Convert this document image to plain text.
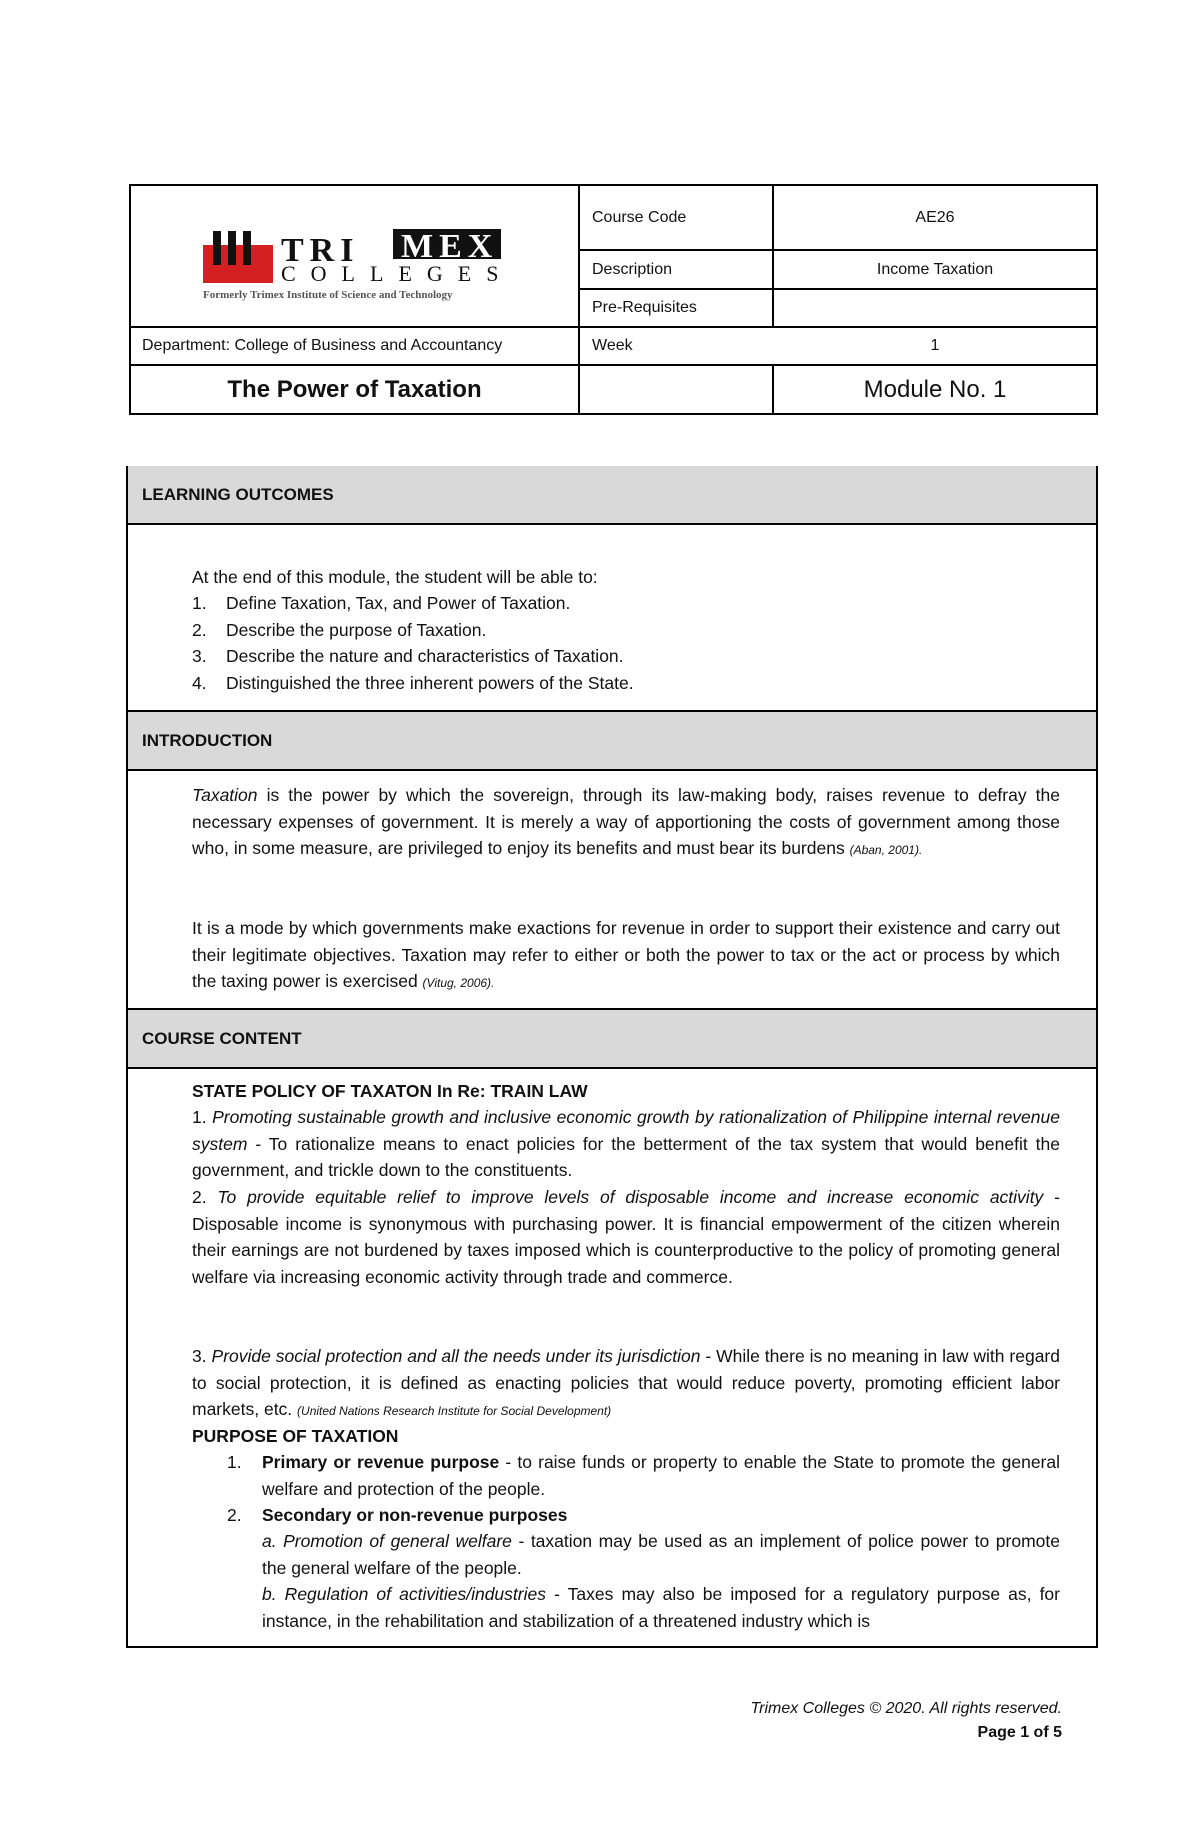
TRI MEX
COLLEGES
Formerly Trimex Institute of Science and Technology
Course Code	AE26
Description	Income Taxation
Pre-Requisites
Department: College of Business and Accountancy	Week	1
The Power of Taxation	Module No. 1
LEARNING OUTCOMES
At the end of this module, the student will be able to:
1. Define Taxation, Tax, and Power of Taxation.
2. Describe the purpose of Taxation.
3. Describe the nature and characteristics of Taxation.
4. Distinguished the three inherent powers of the State.
INTRODUCTION
Taxation is the power by which the sovereign, through its law-making body, raises revenue to defray the necessary expenses of government. It is merely a way of apportioning the costs of government among those who, in some measure, are privileged to enjoy its benefits and must bear its burdens (Aban, 2001).
It is a mode by which governments make exactions for revenue in order to support their existence and carry out their legitimate objectives. Taxation may refer to either or both the power to tax or the act or process by which the taxing power is exercised (Vitug, 2006).
COURSE CONTENT
STATE POLICY OF TAXATON In Re: TRAIN LAW
1. Promoting sustainable growth and inclusive economic growth by rationalization of Philippine internal revenue system - To rationalize means to enact policies for the betterment of the tax system that would benefit the government, and trickle down to the constituents.
2. To provide equitable relief to improve levels of disposable income and increase economic activity - Disposable income is synonymous with purchasing power. It is financial empowerment of the citizen wherein their earnings are not burdened by taxes imposed which is counterproductive to the policy of promoting general welfare via increasing economic activity through trade and commerce.
3. Provide social protection and all the needs under its jurisdiction - While there is no meaning in law with regard to social protection, it is defined as enacting policies that would reduce poverty, promoting efficient labor markets, etc. (United Nations Research Institute for Social Development)
PURPOSE OF TAXATION
Primary or revenue purpose - to raise funds or property to enable the State to promote the general welfare and protection of the people.
1.
Secondary or non-revenue purposes
2.
a. Promotion of general welfare - taxation may be used as an implement of police power to promote the general welfare of the people.
b. Regulation of activities/industries - Taxes may also be imposed for a regulatory purpose as, for instance, in the rehabilitation and stabilization of a threatened industry which is
Trimex Colleges © 2020. All rights reserved.
Page 1 of 5
